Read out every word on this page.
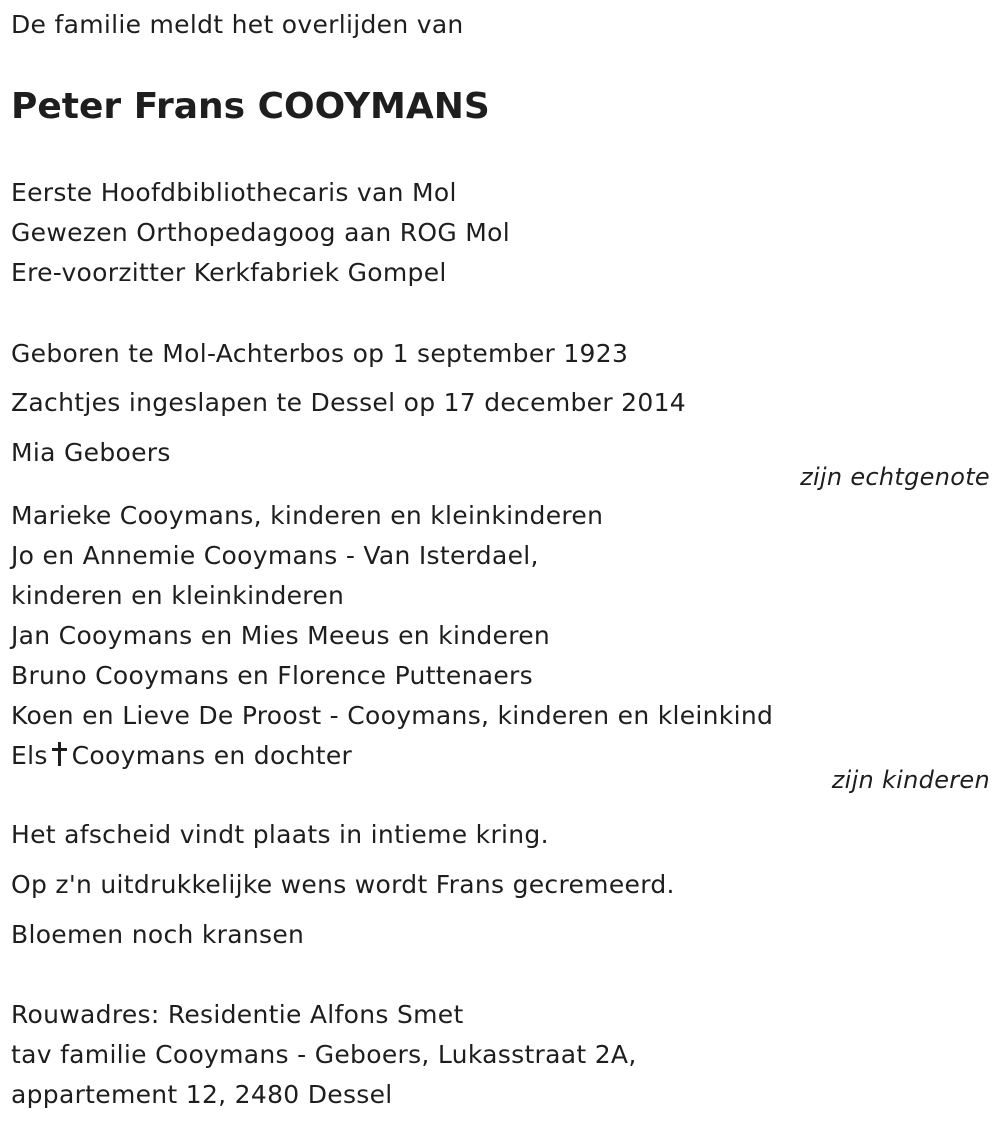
De familie meldt het overlijden van
Peter Frans COOYMANS
Eerste Hoofdbibliothecaris van Mol
Gewezen Orthopedagoog aan ROG Mol
Ere-voorzitter Kerkfabriek Gompel
Geboren te Mol-Achterbos op 1 september 1923
Zachtjes ingeslapen te Dessel op 17 december 2014
Mia Geboers
zijn echtgenote
Marieke Cooymans, kinderen en kleinkinderen
Jo en Annemie Cooymans - Van Isterdael,
kinderen en kleinkinderen
Jan Cooymans en Mies Meeus en kinderen
Bruno Cooymans en Florence Puttenaers
Koen en Lieve De Proost - Cooymans, kinderen en kleinkind
Els Cooymans en dochter
zijn kinderen
Het afscheid vindt plaats in intieme kring.
Op z'n uitdrukkelijke wens wordt Frans gecremeerd.
Bloemen noch kransen
Rouwadres: Residentie Alfons Smet
tav familie Cooymans - Geboers, Lukasstraat 2A,
appartement 12, 2480 Dessel
